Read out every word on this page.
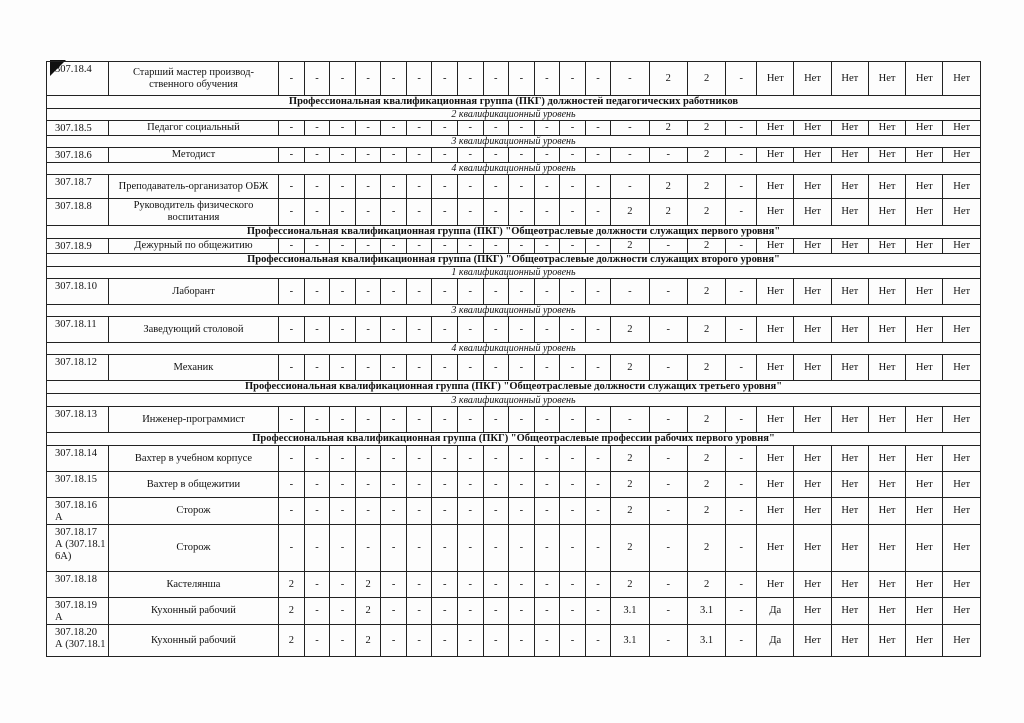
307.18.4	Старший мастер производ-ственного обучения	-	-	-	-	-	-	-	-	-	-	-	-	-	-	2	2	-	Нет	Нет	Нет	Нет	Нет	Нет
Профессиональная квалификационная группа (ПКГ) должностей педагогических работников																								
2 квалификационный уровень																								
307.18.5	Педагог социальный	-	-	-	-	-	-	-	-	-	-	-	-	-	-	2	2	-	Нет	Нет	Нет	Нет	Нет	Нет
3 квалификационный уровень																								
307.18.6	Методист	-	-	-	-	-	-	-	-	-	-	-	-	-	-	-	2	-	Нет	Нет	Нет	Нет	Нет	Нет
4 квалификационный уровень																								
307.18.7	Преподаватель-организатор ОБЖ	-	-	-	-	-	-	-	-	-	-	-	-	-	-	2	2	-	Нет	Нет	Нет	Нет	Нет	Нет
307.18.8	Руководитель физического воспитания	-	-	-	-	-	-	-	-	-	-	-	-	-	2	2	2	-	Нет	Нет	Нет	Нет	Нет	Нет
Профессиональная квалификационная группа (ПКГ) "Общеотраслевые должности служащих первого уровня"																								
307.18.9	Дежурный по общежитию	-	-	-	-	-	-	-	-	-	-	-	-	-	2	-	2	-	Нет	Нет	Нет	Нет	Нет	Нет
Профессиональная квалификационная группа (ПКГ) "Общеотраслевые должности служащих второго уровня"																								
1 квалификационный уровень																								
307.18.10	Лаборант	-	-	-	-	-	-	-	-	-	-	-	-	-	-	-	2	-	Нет	Нет	Нет	Нет	Нет	Нет
3 квалификационный уровень																								
307.18.11	Заведующий столовой	-	-	-	-	-	-	-	-	-	-	-	-	-	2	-	2	-	Нет	Нет	Нет	Нет	Нет	Нет
4 квалификационный уровень																								
307.18.12	Механик	-	-	-	-	-	-	-	-	-	-	-	-	-	2	-	2	-	Нет	Нет	Нет	Нет	Нет	Нет
Профессиональная квалификационная группа (ПКГ) "Общеотраслевые должности служащих третьего уровня"																								
3 квалификационный уровень																								
307.18.13	Инженер-программист	-	-	-	-	-	-	-	-	-	-	-	-	-	-	-	2	-	Нет	Нет	Нет	Нет	Нет	Нет
Профессиональная квалификационная группа (ПКГ) "Общеотраслевые профессии рабочих первого уровня"																								
307.18.14	Вахтер в учебном корпусе	-	-	-	-	-	-	-	-	-	-	-	-	-	2	-	2	-	Нет	Нет	Нет	Нет	Нет	Нет
307.18.15	Вахтер в общежитии	-	-	-	-	-	-	-	-	-	-	-	-	-	2	-	2	-	Нет	Нет	Нет	Нет	Нет	Нет
307.18.16 А	Сторож	-	-	-	-	-	-	-	-	-	-	-	-	-	2	-	2	-	Нет	Нет	Нет	Нет	Нет	Нет
307.18.17 А (307.18.1 6А)	Сторож	-	-	-	-	-	-	-	-	-	-	-	-	-	2	-	2	-	Нет	Нет	Нет	Нет	Нет	Нет
307.18.18	Кастелянша	2	-	-	2	-	-	-	-	-	-	-	-	-	2	-	2	-	Нет	Нет	Нет	Нет	Нет	Нет
307.18.19 А	Кухонный рабочий	2	-	-	2	-	-	-	-	-	-	-	-	-	3.1	-	3.1	-	Да	Нет	Нет	Нет	Нет	Нет
307.18.20 А (307.18.1	Кухонный рабочий	2	-	-	2	-	-	-	-	-	-	-	-	-	3.1	-	3.1	-	Да	Нет	Нет	Нет	Нет	Нет
